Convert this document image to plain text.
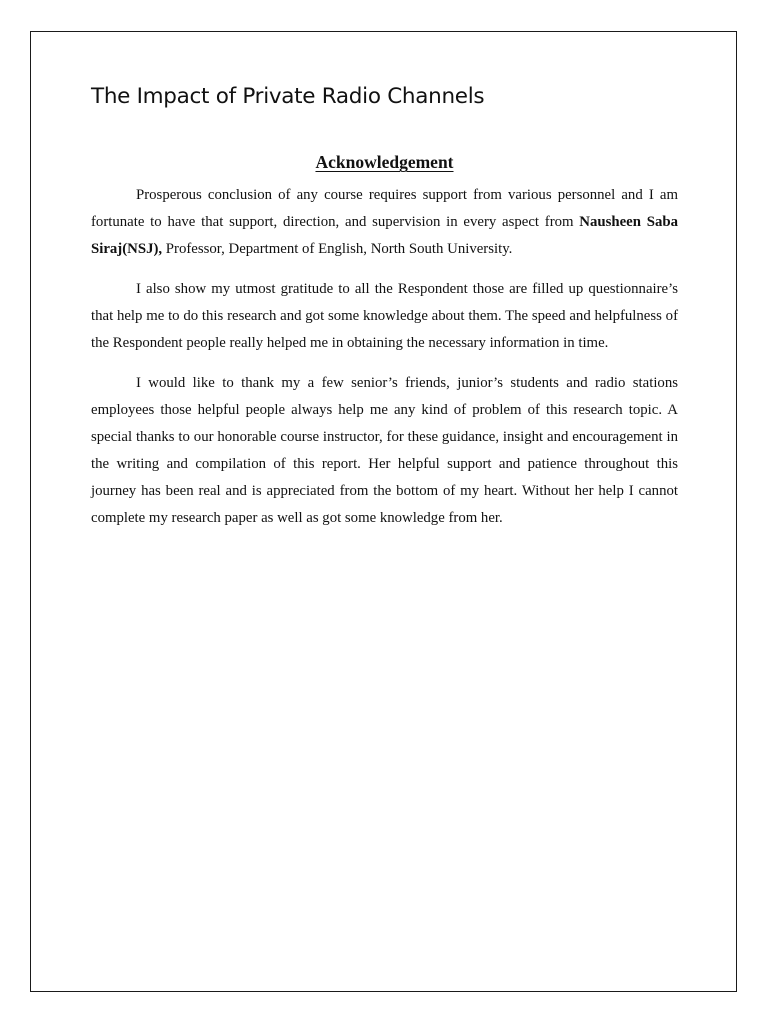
The Impact of Private Radio Channels
Acknowledgement

Prosperous conclusion of any course requires support from various personnel and I am fortunate to have that support, direction, and supervision in every aspect from Nausheen Saba Siraj(NSJ), Professor, Department of English, North South University.

I also show my utmost gratitude to all the Respondent those are filled up questionnaire’s that help me to do this research and got some knowledge about them. The speed and helpfulness of the Respondent people really helped me in obtaining the necessary information in time.

I would like to thank my a few senior’s friends, junior’s students and radio stations employees those helpful people always help me any kind of problem of this research topic. A special thanks to our honorable course instructor, for these guidance, insight and encouragement in the writing and compilation of this report. Her helpful support and patience throughout this journey has been real and is appreciated from the bottom of my heart. Without her help I cannot complete my research paper as well as got some knowledge from her.
